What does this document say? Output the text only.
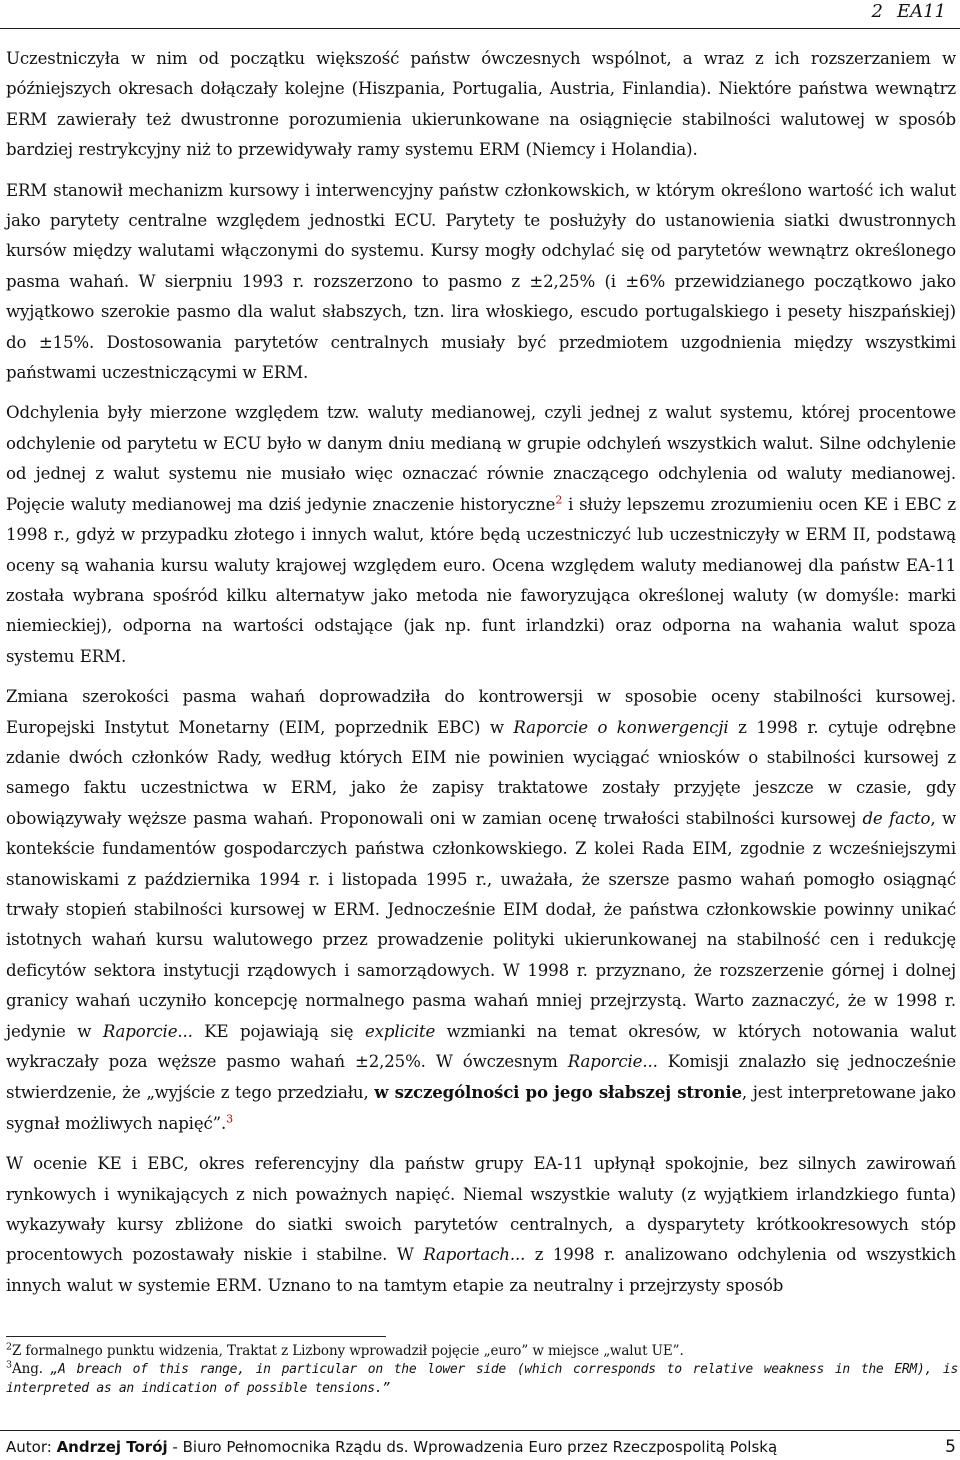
2 EA11

Uczestniczyła w nim od początku większość państw ówczesnych wspólnot, a wraz z ich rozszerzaniem w późniejszych okresach dołączały kolejne (Hiszpania, Portugalia, Austria, Finlandia). Niektóre państwa wewnątrz ERM zawierały też dwustronne porozumienia ukierunkowane na osiągnięcie stabilności walutowej w sposób bardziej restrykcyjny niż to przewidywały ramy systemu ERM (Niemcy i Holandia).

ERM stanowił mechanizm kursowy i interwencyjny państw członkowskich, w którym określono wartość ich walut jako parytety centralne względem jednostki ECU. Parytety te posłużyły do ustanowienia siatki dwustronnych kursów między walutami włączonymi do systemu. Kursy mogły odchylać się od parytetów wewnątrz określonego pasma wahań. W sierpniu 1993 r. rozszerzono to pasmo z ±2,25% (i ±6% przewidzianego początkowo jako wyjątkowo szerokie pasmo dla walut słabszych, tzn. lira włoskiego, escudo portugalskiego i pesety hiszpańskiej) do ±15%. Dostosowania parytetów centralnych musiały być przedmiotem uzgodnienia między wszystkimi państwami uczestniczącymi w ERM.

Odchylenia były mierzone względem tzw. waluty medianowej, czyli jednej z walut systemu, której procentowe odchylenie od parytetu w ECU było w danym dniu medianą w grupie odchyleń wszystkich walut. Silne odchylenie od jednej z walut systemu nie musiało więc oznaczać równie znaczącego odchylenia od waluty medianowej. Pojęcie waluty medianowej ma dziś jedynie znaczenie historyczne$^2$ i służy lepszemu zrozumieniu ocen KE i EBC z 1998 r., gdyż w przypadku złotego i innych walut, które będą uczestniczyć lub uczestniczyły w ERM II, podstawą oceny są wahania kursu waluty krajowej względem euro. Ocena względem waluty medianowej dla państw EA-11 została wybrana spośród kilku alternatyw jako metoda nie faworyzująca określonej waluty (w domyśle: marki niemieckiej), odporna na wartości odstające (jak np. funt irlandzki) oraz odporna na wahania walut spoza systemu ERM.

Zmiana szerokości pasma wahań doprowadziła do kontrowersji w sposobie oceny stabilności kursowej. Europejski Instytut Monetarny (EIM, poprzednik EBC) w Raporcie o konwergencji z 1998 r. cytuje odrębne zdanie dwóch członków Rady, według których EIM nie powinien wyciągać wniosków o stabilności kursowej z samego faktu uczestnictwa w ERM, jako że zapisy traktatowe zostały przyjęte jeszcze w czasie, gdy obowiązywały węższe pasma wahań. Proponowali oni w zamian ocenę trwałości stabilności kursowej de facto, w kontekście fundamentów gospodarczych państwa członkowskiego. Z kolei Rada EIM, zgodnie z wcześniejszymi stanowiskami z października 1994 r. i listopada 1995 r., uważała, że szersze pasmo wahań pomogło osiągnąć trwały stopień stabilności kursowej w ERM. Jednocześnie EIM dodał, że państwa członkowskie powinny unikać istotnych wahań kursu walutowego przez prowadzenie polityki ukierunkowanej na stabilność cen i redukcję deficytów sektora instytucji rządowych i samorządowych. W 1998 r. przyznano, że rozszerzenie górnej i dolnej granicy wahań uczyniło koncepcję normalnego pasma wahań mniej przejrzystą. Warto zaznaczyć, że w 1998 r. jedynie w Raporcie... KE pojawiają się explicite wzmianki na temat okresów, w których notowania walut wykraczały poza węższe pasmo wahań ±2,25%. W ówczesnym Raporcie... Komisji znalazło się jednocześnie stwierdzenie, że „wyjście z tego przedziału, w szczególności po jego słabszej stronie, jest interpretowane jako sygnał możliwych napięć”.$^3$

W ocenie KE i EBC, okres referencyjny dla państw grupy EA-11 upłynął spokojnie, bez silnych zawirowań rynkowych i wynikających z nich poważnych napięć. Niemal wszystkie waluty (z wyjątkiem irlandzkiego funta) wykazywały kursy zbliżone do siatki swoich parytetów centralnych, a dysparytety krótkookresowych stóp procentowych pozostawały niskie i stabilne. W Raportach... z 1998 r. analizowano odchylenia od wszystkich innych walut w systemie ERM. Uznano to na tamtym etapie za neutralny i przejrzysty sposób

$^2$Z formalnego punktu widzenia, Traktat z Lizbony wprowadził pojęcie „euro” w miejsce „walut UE”.

$^3$Ang. „A breach of this range, in particular on the lower side (which corresponds to relative weakness in the ERM), is interpreted as an indication of possible tensions.”

Autor: Andrzej Torój - Biuro Pełnomocnika Rządu ds. Wprowadzenia Euro przez Rzeczpospolitą Polską	5
